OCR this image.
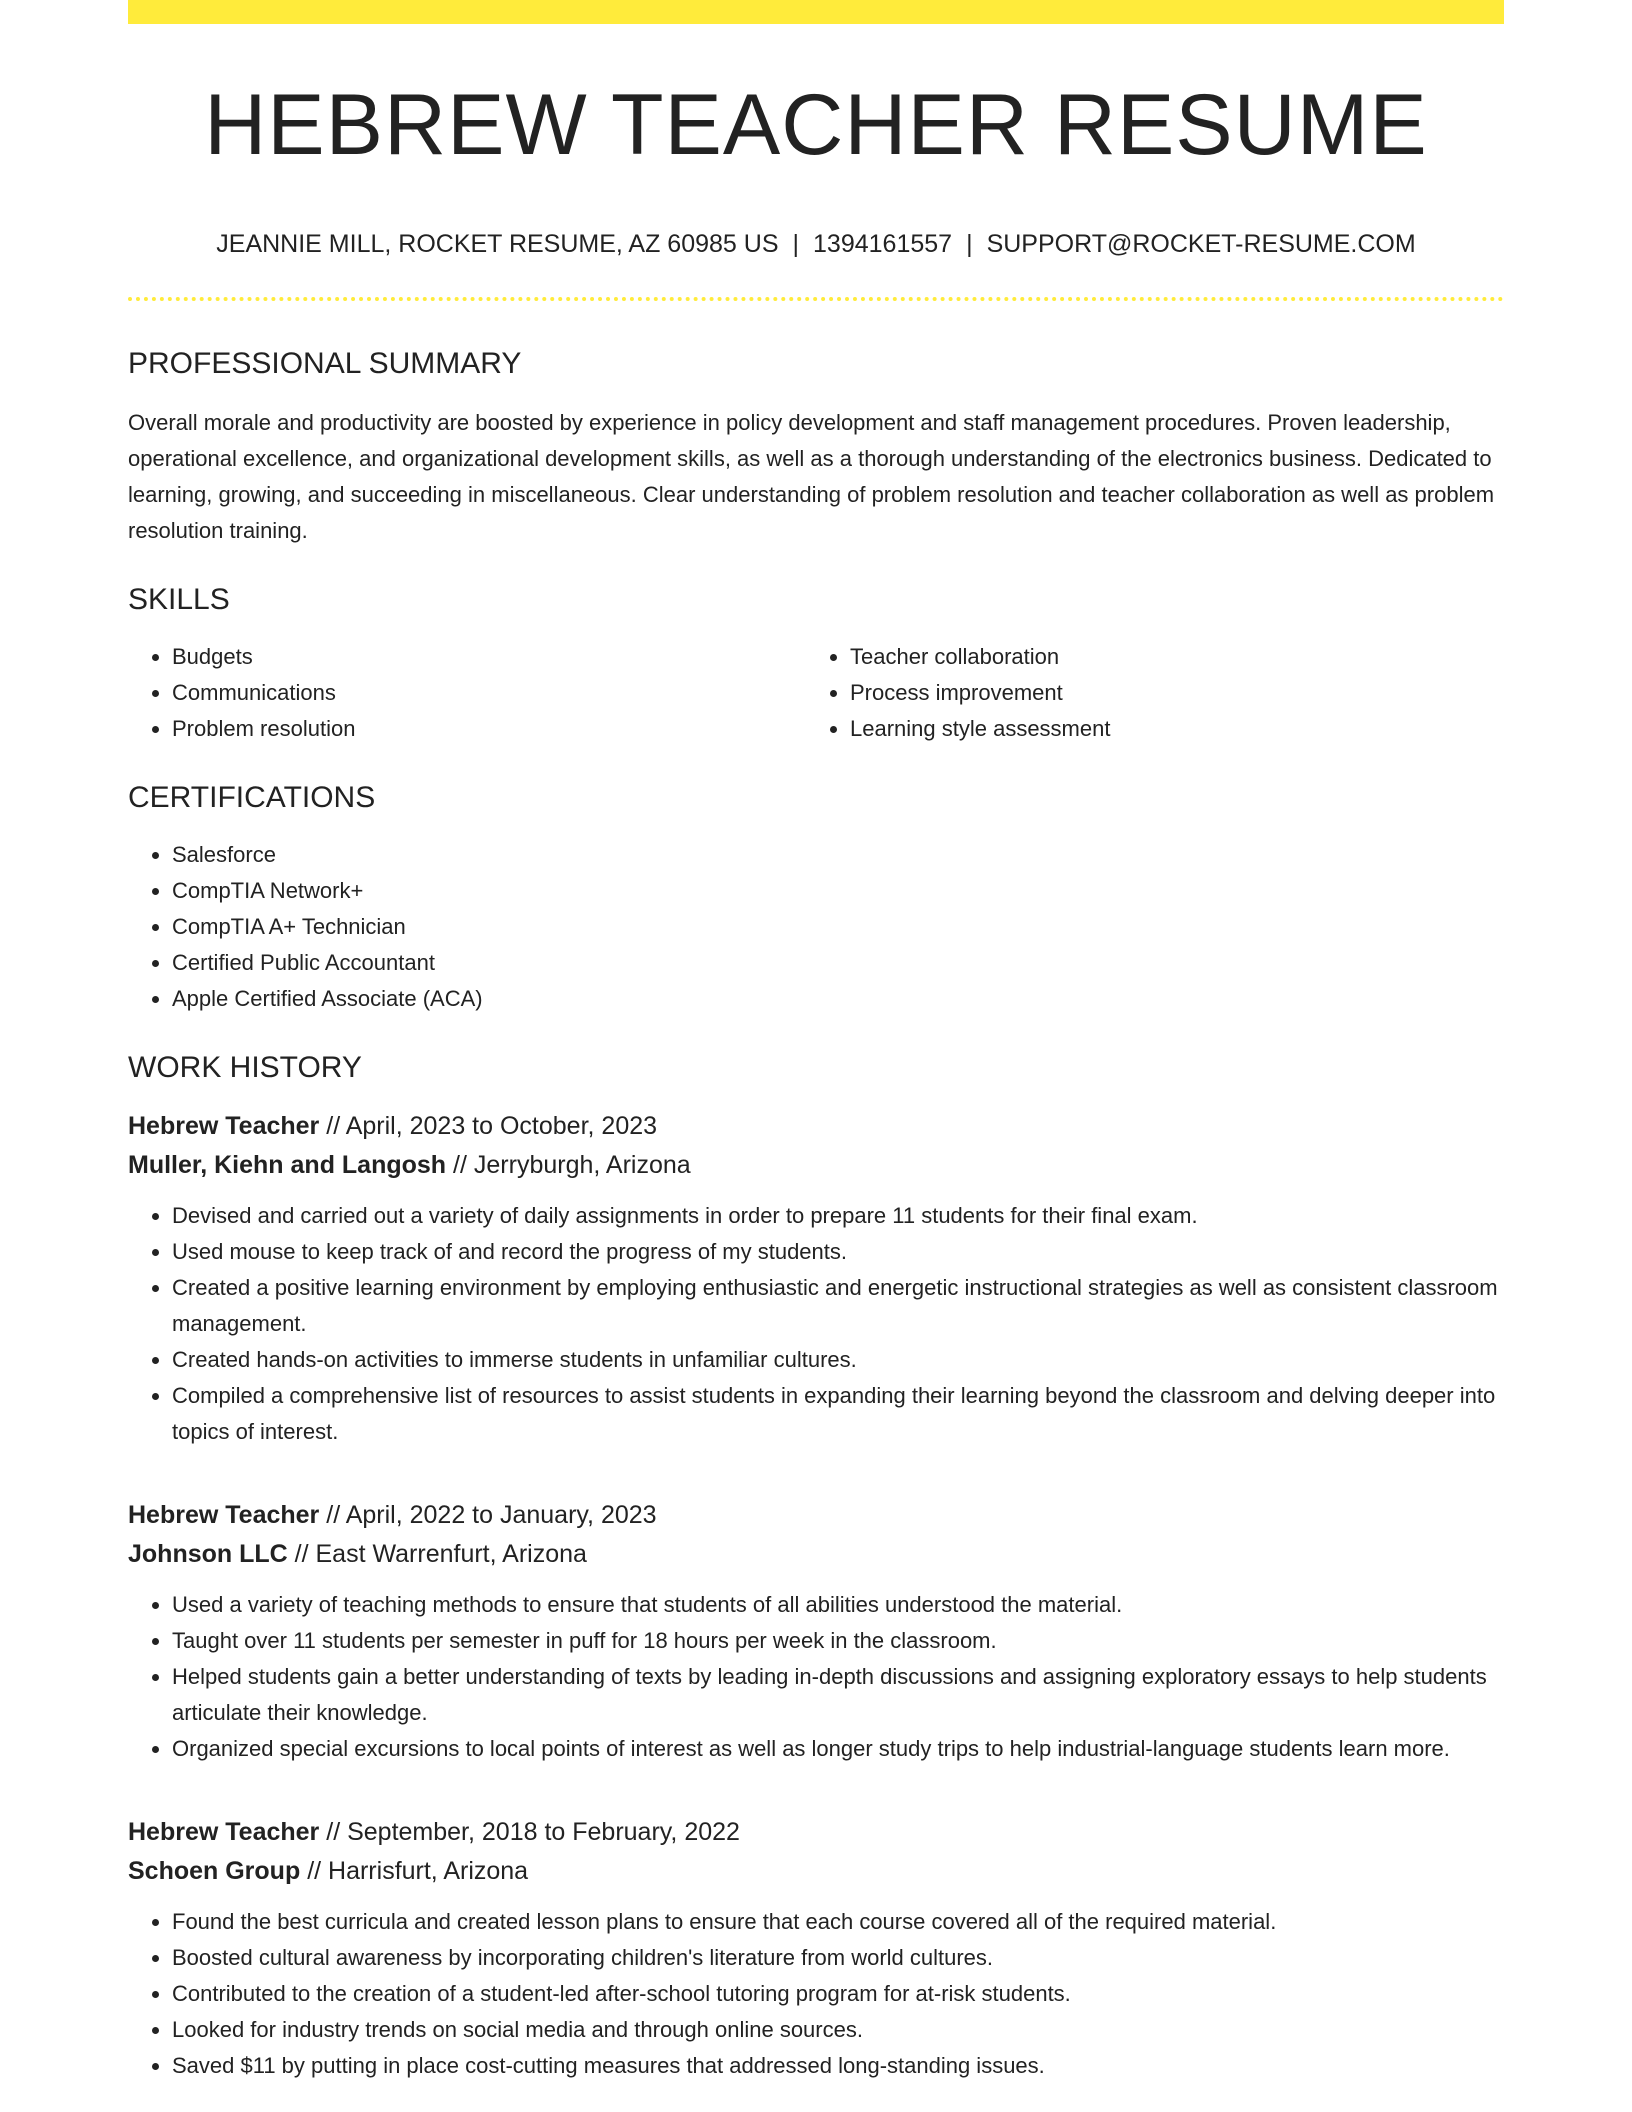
HEBREW TEACHER RESUME
JEANNIE MILL, ROCKET RESUME, AZ 60985 US | 1394161557 | SUPPORT@ROCKET-RESUME.COM
PROFESSIONAL SUMMARY

Overall morale and productivity are boosted by experience in policy development and staff management procedures. Proven leadership, operational excellence, and organizational development skills, as well as a thorough understanding of the electronics business. Dedicated to learning, growing, and succeeding in miscellaneous. Clear understanding of problem resolution and teacher collaboration as well as problem resolution training.

SKILLS
• Budgets
• Communications
• Problem resolution
• Teacher collaboration
• Process improvement
• Learning style assessment
CERTIFICATIONS
• Salesforce
• CompTIA Network+
• CompTIA A+ Technician
• Certified Public Accountant
• Apple Certified Associate (ACA)
WORK HISTORY
Hebrew Teacher // April, 2023 to October, 2023
Muller, Kiehn and Langosh // Jerryburgh, Arizona
• Devised and carried out a variety of daily assignments in order to prepare 11 students for their final exam.
• Used mouse to keep track of and record the progress of my students.
• Created a positive learning environment by employing enthusiastic and energetic instructional strategies as well as consistent classroom management.
• Created hands-on activities to immerse students in unfamiliar cultures.
• Compiled a comprehensive list of resources to assist students in expanding their learning beyond the classroom and delving deeper into topics of interest.
Hebrew Teacher // April, 2022 to January, 2023
Johnson LLC // East Warrenfurt, Arizona
• Used a variety of teaching methods to ensure that students of all abilities understood the material.
• Taught over 11 students per semester in puff for 18 hours per week in the classroom.
• Helped students gain a better understanding of texts by leading in-depth discussions and assigning exploratory essays to help students articulate their knowledge.
• Organized special excursions to local points of interest as well as longer study trips to help industrial-language students learn more.
Hebrew Teacher // September, 2018 to February, 2022
Schoen Group // Harrisfurt, Arizona
• Found the best curricula and created lesson plans to ensure that each course covered all of the required material.
• Boosted cultural awareness by incorporating children's literature from world cultures.
• Contributed to the creation of a student-led after-school tutoring program for at-risk students.
• Looked for industry trends on social media and through online sources.
• Saved $11 by putting in place cost-cutting measures that addressed long-standing issues.
